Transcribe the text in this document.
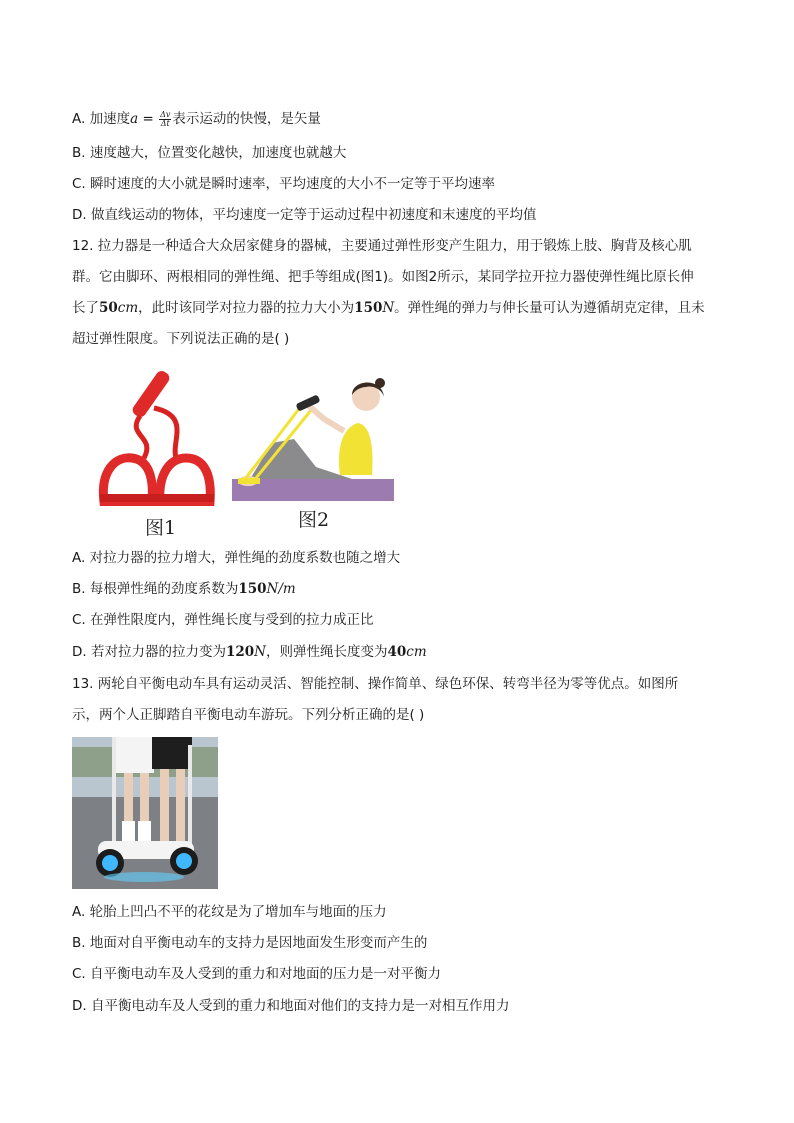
A. 加速度$a = \frac{\Delta v}{\Delta t}$ 表示运动的快慢，是矢量
B. 速度越大，位置变化越快，加速度也就越大
C. 瞬时速度的大小就是瞬时速率，平均速度的大小不一定等于平均速率
D. 做直线运动的物体，平均速度一定等于运动过程中初速度和末速度的平均值
12. 拉力器是一种适合大众居家健身的器械，主要通过弹性形变产生阻力，用于锻炼上肢、胸背及核心肌
群。它由脚环、两根相同的弹性绳、把手等组成(图1)。如图2所示，某同学拉开拉力器使弹性绳比原长伸
长了50cm，此时该同学对拉力器的拉力大小为150N。弹性绳的弹力与伸长量可认为遵循胡克定律，且未
超过弹性限度。下列说法正确的是( )
图1	图2
A. 对拉力器的拉力增大，弹性绳的劲度系数也随之增大
B. 每根弹性绳的劲度系数为150N/m
C. 在弹性限度内，弹性绳长度与受到的拉力成正比
D. 若对拉力器的拉力变为120N，则弹性绳长度变为40cm
13. 两轮自平衡电动车具有运动灵活、智能控制、操作简单、绿色环保、转弯半径为零等优点。如图所
示，两个人正脚踏自平衡电动车游玩。下列分析正确的是( )
A. 轮胎上凹凸不平的花纹是为了增加车与地面的压力
B. 地面对自平衡电动车的支持力是因地面发生形变而产生的
C. 自平衡电动车及人受到的重力和对地面的压力是一对平衡力
D. 自平衡电动车及人受到的重力和地面对他们的支持力是一对相互作用力
